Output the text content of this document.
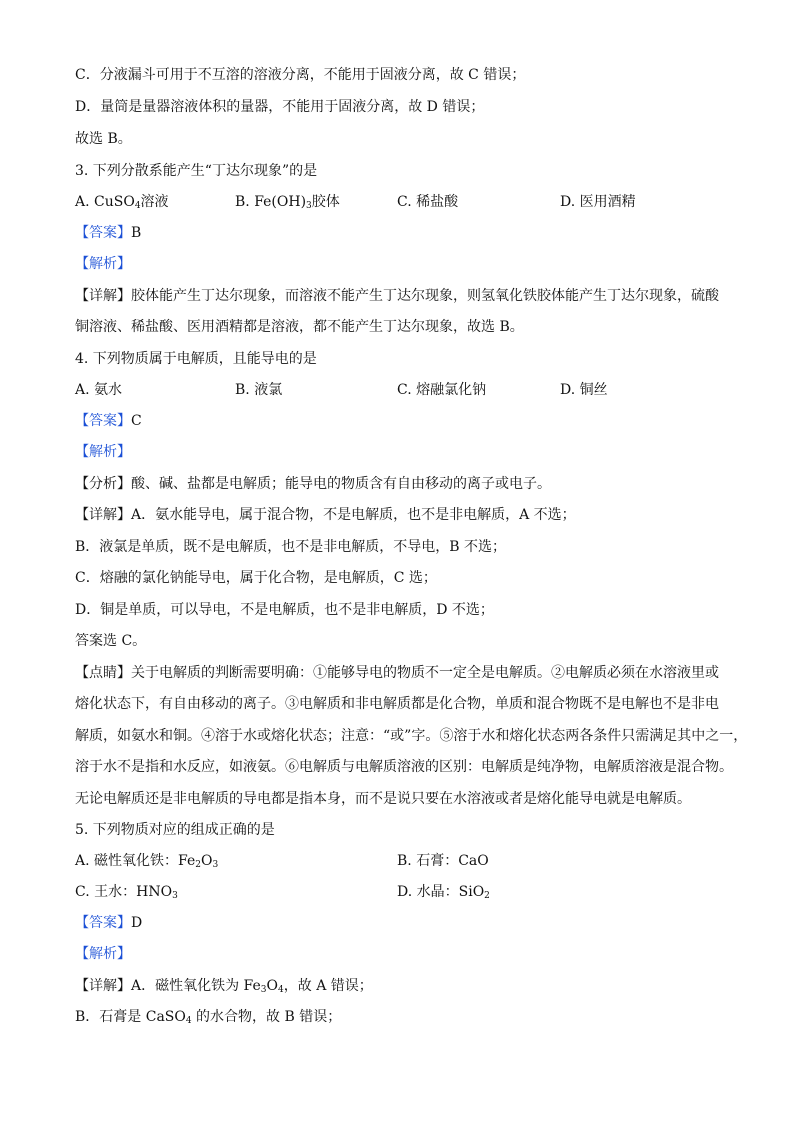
C．分液漏斗可用于不互溶的溶液分离，不能用于固液分离，故 C 错误；
D．量筒是量器溶液体积的量器，不能用于固液分离，故 D 错误；
故选 B。
3. 下列分散系能产生“丁达尔现象”的是
A. CuSO$_4$溶液	B. $Fe(OH)_3$胶体	C. 稀盐酸	D. 医用酒精
【答案】B
【解析】
【详解】胶体能产生丁达尔现象，而溶液不能产生丁达尔现象，则氢氧化铁胶体能产生丁达尔现象，硫酸
铜溶液、稀盐酸、医用酒精都是溶液，都不能产生丁达尔现象，故选 B。
4. 下列物质属于电解质，且能导电的是
A. 氨水	B. 液氯	C. 熔融氯化钠	D. 铜丝
【答案】C
【解析】
【分析】酸、碱、盐都是电解质；能导电的物质含有自由移动的离子或电子。
【详解】A．氨水能导电，属于混合物，不是电解质，也不是非电解质，A 不选；
B．液氯是单质，既不是电解质，也不是非电解质，不导电，B 不选；
C．熔融的氯化钠能导电，属于化合物，是电解质，C 选；
D．铜是单质，可以导电，不是电解质，也不是非电解质，D 不选；
答案选 C。
【点睛】关于电解质的判断需要明确：①能够导电的物质不一定全是电解质。②电解质必须在水溶液里或
熔化状态下，有自由移动的离子。③电解质和非电解质都是化合物，单质和混合物既不是电解也不是非电
解质，如氨水和铜。④溶于水或熔化状态；注意：“或”字。⑤溶于水和熔化状态两各条件只需满足其中之一，
溶于水不是指和水反应，如液氨。⑥电解质与电解质溶液的区别：电解质是纯净物，电解质溶液是混合物。
无论电解质还是非电解质的导电都是指本身，而不是说只要在水溶液或者是熔化能导电就是电解质。
5. 下列物质对应的组成正确的是
A. 磁性氧化铁：$Fe_2O_3$	B. 石膏：CaO
C. 王水：$HNO_3$	D. 水晶：SiO$_2$
【答案】D
【解析】
【详解】A．磁性氧化铁为 $Fe_3O_4$，故 A 错误；
B．石膏是 CaSO$_4$ 的水合物，故 B 错误；
